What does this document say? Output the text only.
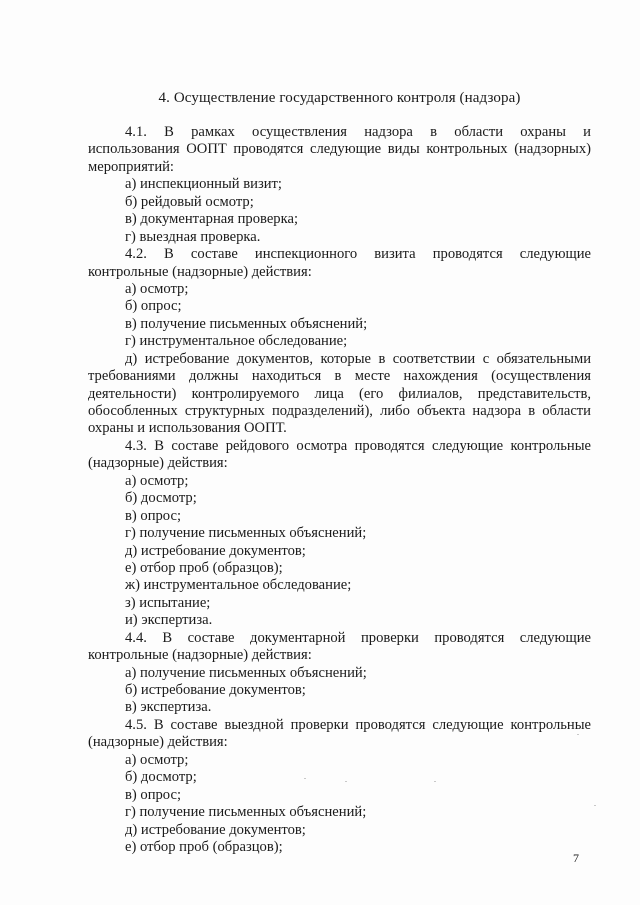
4. Осуществление государственного контроля (надзора)
4.1. В рамках осуществления надзора в области охраны и
использования ООПТ проводятся следующие виды контрольных (надзорных)
мероприятий:
а) инспекционный визит;
б) рейдовый осмотр;
в) документарная проверка;
г) выездная проверка.
4.2. В составе инспекционного визита проводятся следующие
контрольные (надзорные) действия:
а) осмотр;
б) опрос;
в) получение письменных объяснений;
г) инструментальное обследование;
д) истребование документов, которые в соответствии с обязательными
требованиями должны находиться в месте нахождения (осуществления
деятельности) контролируемого лица (его филиалов, представительств,
обособленных структурных подразделений), либо объекта надзора в области
охраны и использования ООПТ.
4.3. В составе рейдового осмотра проводятся следующие контрольные
(надзорные) действия:
а) осмотр;
б) досмотр;
в) опрос;
г) получение письменных объяснений;
д) истребование документов;
е) отбор проб (образцов);
ж) инструментальное обследование;
з) испытание;
и) экспертиза.
4.4. В составе документарной проверки проводятся следующие
контрольные (надзорные) действия:
а) получение письменных объяснений;
б) истребование документов;
в) экспертиза.
4.5. В составе выездной проверки проводятся следующие контрольные
(надзорные) действия:
а) осмотр;
б) досмотр;
в) опрос;
г) получение письменных объяснений;
д) истребование документов;
е) отбор проб (образцов);
7
